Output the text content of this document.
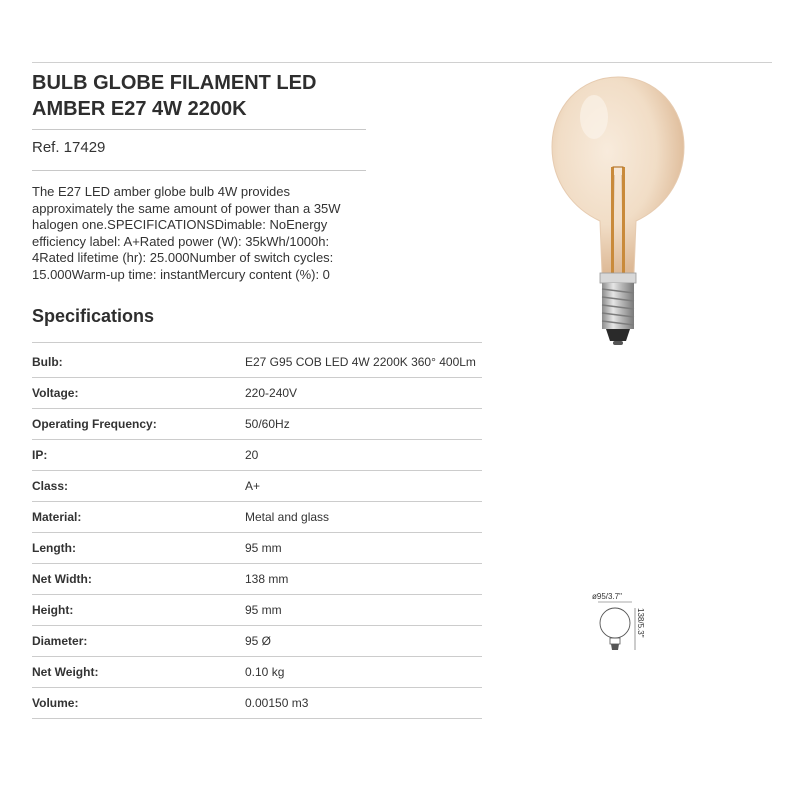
BULB GLOBE FILAMENT LED AMBER E27 4W 2200K
Ref. 17429

The E27 LED amber globe bulb 4W provides approximately the same amount of power than a 35W halogen one.SPECIFICATIONSDimable: NoEnergy efficiency label: A+Rated power (W): 35kWh/1000h: 4Rated lifetime (hr): 25.000Number of switch cycles: 15.000Warm-up time: instantMercury content (%): 0

Specifications
Bulb:	E27 G95 COB LED 4W 2200K 360° 400Lm
Voltage:	220-240V
Operating Frequency:	50/60Hz
IP:	20
Class:	A+
Material:	Metal and glass
Length:	95 mm
Net Width:	138 mm
Height:	95 mm
Diameter:	95 Ø
Net Weight:	0.10 kg
Volume:	0.00150 m3
ø95/3.7"
138/5.3"
